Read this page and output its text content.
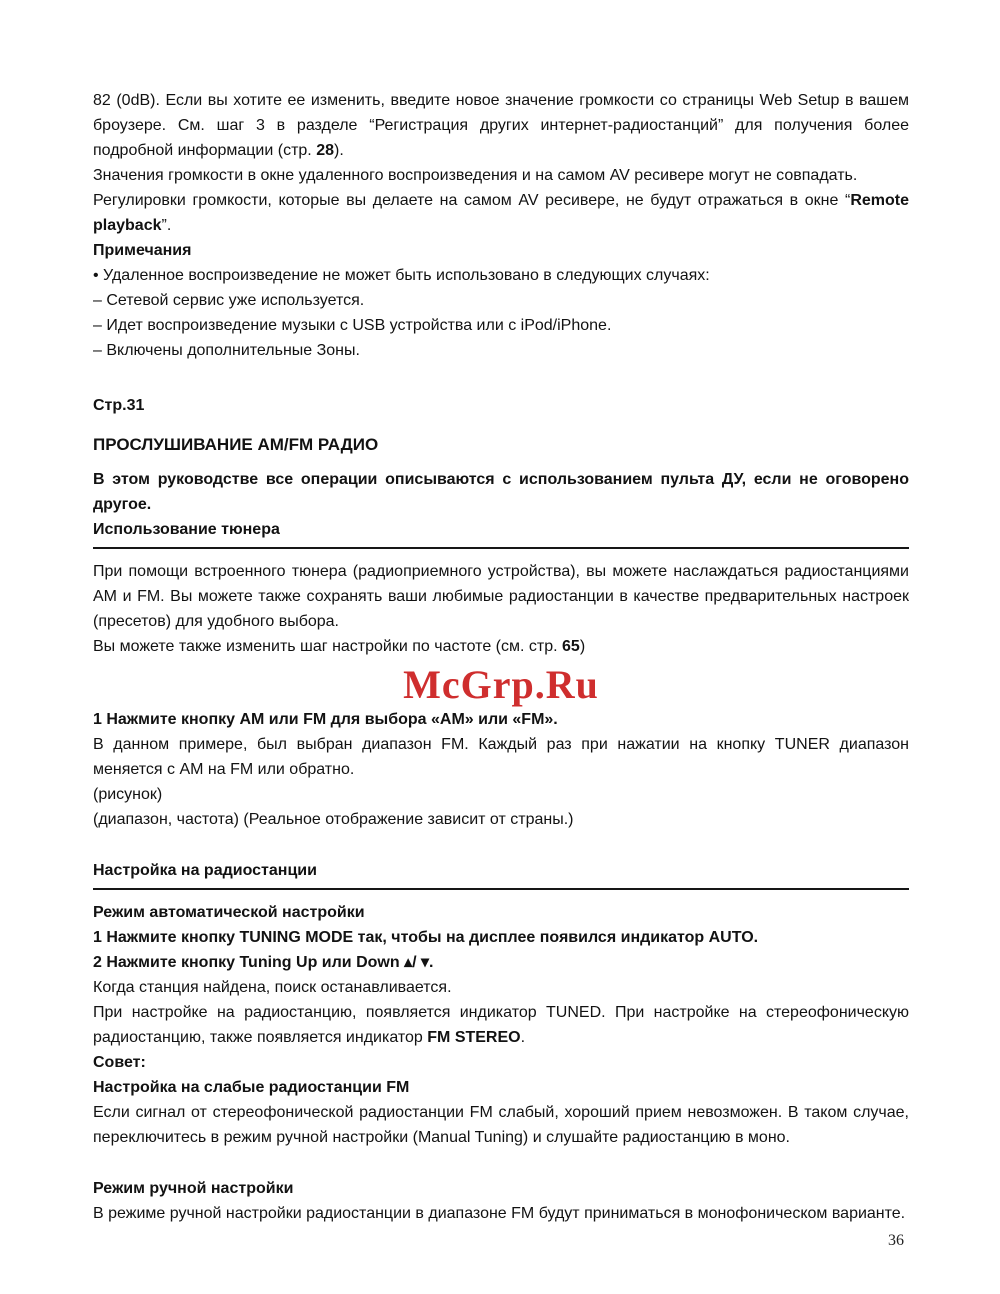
82 (0dB). Если вы хотите ее изменить, введите новое значение громкости со страницы Web Setup в вашем броузере. См. шаг 3 в разделе “Регистрация других интернет-радиостанций” для получения более подробной информации (стр. 28).

Значения громкости в окне удаленного воспроизведения и на самом AV ресивере могут не совпадать.

Регулировки громкости, которые вы делаете на самом AV ресивере, не будут отражаться в окне “Remote playback”.

Примечания

• Удаленное воспроизведение не может быть использовано в следующих случаях:

– Сетевой сервис уже используется.

– Идет воспроизведение музыки с USB устройства или с iPod/iPhone.

– Включены дополнительные Зоны.

Стр.31

ПРОСЛУШИВАНИЕ AM/FM РАДИО

В этом руководстве все операции описываются с использованием пульта ДУ, если не оговорено другое.

Использование тюнера

При помощи встроенного тюнера (радиоприемного устройства), вы можете наслаждаться радиостанциями AM и FM. Вы можете также сохранять ваши любимые радиостанции в качестве предварительных настроек (пресетов) для удобного выбора.

Вы можете также изменить шаг настройки по частоте (см. стр. 65)

McGrp.Ru

1 Нажмите кнопку AM или FM для выбора «AM» или «FM».

В данном примере, был выбран диапазон FM. Каждый раз при нажатии на кнопку TUNER диапазон меняется с AM на FM или обратно.

(рисунок)

(диапазон, частота) (Реальное отображение зависит от страны.)

Настройка на радиостанции

Режим автоматической настройки

1 Нажмите кнопку TUNING MODE так, чтобы на дисплее появился индикатор AUTO.

2 Нажмите кнопку Tuning Up или Down ▴/ ▾.

Когда станция найдена, поиск останавливается.

При настройке на радиостанцию, появляется индикатор TUNED. При настройке на стереофоническую радиостанцию, также появляется индикатор FM STEREO.

Совет:

Настройка на слабые радиостанции FM

Если сигнал от стереофонической радиостанции FM слабый, хороший прием невозможен. В таком случае, переключитесь в режим ручной настройки (Manual Tuning) и слушайте радиостанцию в моно.

Режим ручной настройки

В режиме ручной настройки радиостанции в диапазоне FM будут приниматься в монофоническом варианте.

36
